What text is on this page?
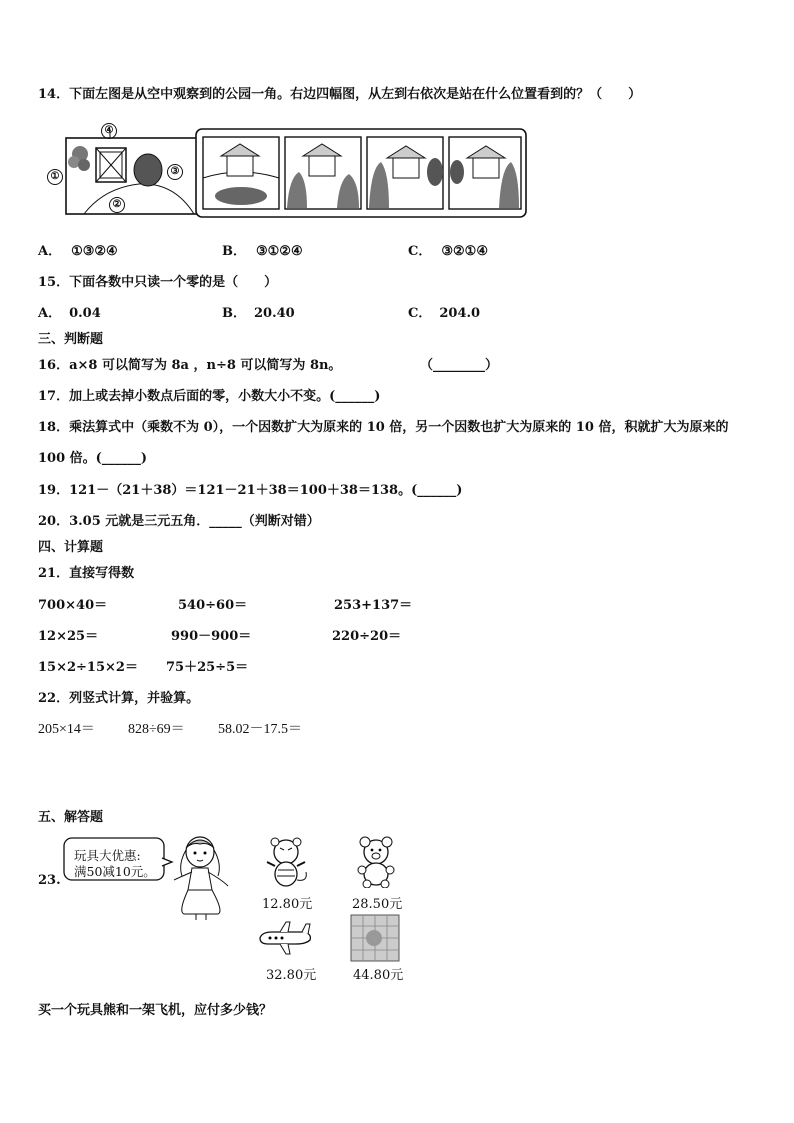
14．下面左图是从空中观察到的公园一角。右边四幅图，从左到右依次是站在什么位置看到的？（　　）
④
①
②
③
A． ①③②④	B． ③①②④	C． ③②①④
15．下面各数中只读一个零的是（　　）
A． 0.04	B． 20.40	C． 204.0
三、判断题
16．a×8 可以简写为 8a ，n÷8 可以简写为 8n。	（________）
17．加上或去掉小数点后面的零，小数大小不变。(______)
18．乘法算式中（乘数不为 0），一个因数扩大为原来的 10 倍，另一个因数也扩大为原来的 10 倍，积就扩大为原来的
100 倍。(______)
19．121－（21＋38）＝121－21＋38＝100＋38＝138。(______)
20．3.05 元就是三元五角．_____（判断对错）
四、计算题
21．直接写得数
700×40＝	540÷60＝	253+137＝
12×25＝	990－900＝	220÷20＝
15×2÷15×2＝ 75＋25÷5＝
22．列竖式计算，并验算。
205×14＝ 828÷69＝ 58.02－17.5＝
五、解答题
23.
玩具大优惠:
满50减10元。
12.80元	28.50元
32.80元	44.80元
买一个玩具熊和一架飞机，应付多少钱？
